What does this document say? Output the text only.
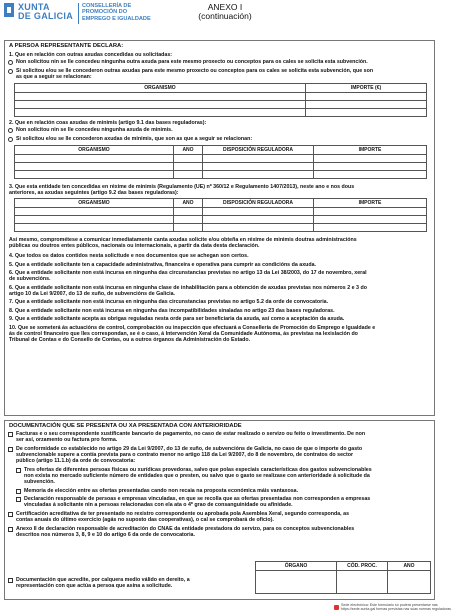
XUNTA
DE GALICIA
CONSELLERÍA DE
PROMOCIÓN DO
EMPREGO E IGUALDADE
ANEXO I
(continuación)
A PERSOA REPRESENTANTE DECLARA:
1. Que en relación con outras axudas concedidas ou solicitadas:
Non solicitou nin se lle concedeu ningunha outra axuda para este mesmo proxecto ou conceptos para os cales se solicita esta subvención.
Si solicitou e/ou se lle concederon outras axudas para este mesmo proxecto ou conceptos para os cales se solicita esta subvención, que son
as que a seguir se relacionan:
ORGANISMO	IMPORTE (€)

2. Que en relación coas axudas de minimis (artigo 9.1 das bases reguladoras):
Non solicitou nin se lle concedeu ningunha axuda de minimis.
Si solicitou e/ou se lle concederon axudas de minimis, que son as que a seguir se relacionan:
ORGANISMO	ANO	DISPOSICIÓN REGULADORA	IMPORTE

3. Que esta entidade ten concedidas en réxime de minimis (Regulamento (UE) nº 360/12 e Regulamento 1407/2013), neste ano e nos dous
anteriores, as axudas seguintes (artigo 9.2 das bases reguladoras):
ORGANISMO	ANO	DISPOSICIÓN REGULADORA	IMPORTE

Así mesmo, comprométese a comunicar inmediatamente canta axudas solicite e/ou obteña en réxime de minimis doutras administracións
públicas ou doutros entes públicos, nacionais ou internacionais, a partir da data desta declaración.
4. Que todos os datos contidos nesta solicitude e nos documentos que se achegan son certos.
5. Que a entidade solicitante ten a capacidade administrativa, financeira e operativa para cumprir as condicións da axuda.
6. Que a entidade solicitante non está incursa en ningunha das circunstancias previstas no artigo 13 da Lei 38/2003, do 17 de novembro, xeral
de subvencións.
6. Que a entidade solicitante non está incursa en ningunha clase de inhabilitación para a obtención de axudas previstas nos números 2 e 3 do
artigo 10 da Lei 9/2007, do 13 de xuño, de subvencións de Galicia.
7. Que a entidade solicitante non está incursa en ningunha das circunstancias previstas no artigo 5.2 da orde de convocatoria.
8. Que a entidade solicitante non está incursa en ningunha das incompatibilidades sinaladas no artigo 23 das bases reguladoras.
9. Que a entidade solicitante acepta as obrigas reguladas nesta orde para ser beneficiaria da axuda, así como a aceptación da axuda.
10. Que se someterá ás actuacións de control, comprobación ou inspección que efectuará a Consellería de Promoción do Emprego e Igualdade e
ás de control financeiro que lles correspondan, se é o caso, á Intervención Xeral da Comunidade Autónoma, ás previstas na lexislación do
Tribunal de Contas e do Consello de Contas, ou a outros órganos da Administración do Estado.
DOCUMENTACIÓN QUE SE PRESENTA OU XA PRESENTADA CON ANTERIORIDADE
Facturas e o seu correspondente xustificante bancario de pagamento, no caso de estar realizado o servizo ou feito o investimento. De non
ser así, orzamento ou factura pro forma.
De conformidade co establecido no artigo 29 da Lei 9/2007, do 13 de xuño, de subvencións de Galicia, no caso de que o importe do gasto
subvencionable supere a contía prevista para o contrato menor no artigo 118 da Lei 9/2007, do 8 de novembro, de contratos do sector
público (artigo 11.1.b) da orde de convocatoria:
Tres ofertas de diferentes persoas físicas ou xurídicas provedoras, salvo que polas especiais características dos gastos subvencionables
non exista no mercado suficiente número de entidades que o presten, ou salvo que o gasto se realizase con anterioridade á solicitude da
subvención.
Memoria de elección entre as ofertas presentadas cando non recaia na proposta económica máis vantaxosa.
Declaración responsable de persoas e empresas vinculadas, en que se recolla que as ofertas presentadas non corresponden a empresas
vinculadas á solicitante nin a persoas relacionadas con ela ata o 4º grao de consanguinidade ou afinidade.
Certificación acreditativa de ter presentado no rexistro correspondente ou aprobada pola Asemblea Xeral, segundo corresponda, as
contas anuais do último exercicio (agás no suposto das cooperativas), o cal se comprobará de oficio).
Anexo II de declaración responsable de acreditación do CNAE da entidade prestadora do servizo, para os conceptos subvencionables
descritos nos números 3, 8, 9 e 10 do artigo 6 da orde de convocatoria.
ÓRGANO	CÓD. PROC.	ANO

Documentación que acredite, por calquera medio válido en dereito, a
representación con que actúa a persoa que asina a solicitude.
Sede electrónica: Este formulario só poderá presentarse nas
https://sede.xunta.gal formas previstas nas súas normas reguladoras
